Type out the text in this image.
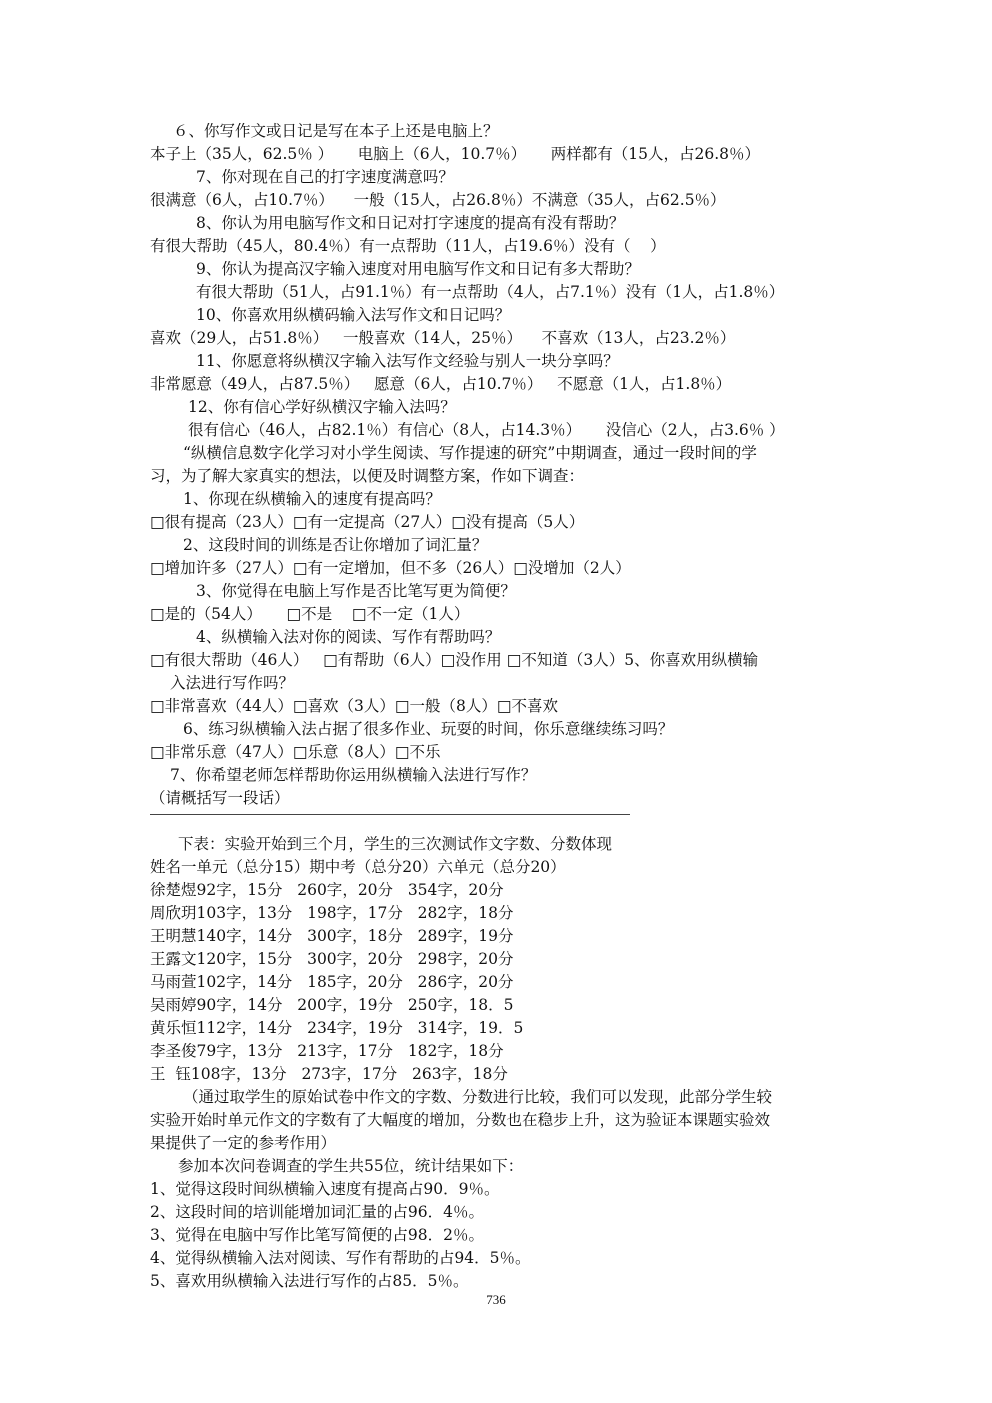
６、你写作文或日记是写在本子上还是电脑上？
本子上（35人，62.5％ ）     电脑上（6人，10.7％）     两样都有（15人，占26.8％）
7、你对现在自己的打字速度满意吗？
很满意（6人，占10.7％）    一般（15人，占26.8％）不满意（35人，占62.5％）
8、你认为用电脑写作文和日记对打字速度的提高有没有帮助？
有很大帮助（45人，80.4％）有一点帮助（11人，占19.6％）没有（    ）
9、你认为提高汉字输入速度对用电脑写作文和日记有多大帮助？
有很大帮助（51人，占91.1％）有一点帮助（4人，占7.1％）没有（1人，占1.8％）
10、你喜欢用纵横码输入法写作文和日记吗？
喜欢（29人，占51.8％）   一般喜欢（14人，25％）    不喜欢（13人，占23.2％）
11、你愿意将纵横汉字输入法写作文经验与别人一块分享吗？
非常愿意（49人，占87.5％）   愿意（6人，占10.7％）   不愿意（1人，占1.8％）
12、你有信心学好纵横汉字输入法吗？
很有信心（46人，占82.1％）有信心（8人，占14.3％）     没信心（2人，占3.6％ ）
“纵横信息数字化学习对小学生阅读、写作提速的研究”中期调查，通过一段时间的学
习，为了解大家真实的想法，以便及时调整方案，作如下调查：
1、你现在纵横输入的速度有提高吗？
□很有提高（23人）□有一定提高（27人）□没有提高（5人）
2、这段时间的训练是否让你增加了词汇量？
□增加许多（27人）□有一定增加，但不多（26人）□没增加（2人）
3、你觉得在电脑上写作是否比笔写更为简便？
□是的（54人）     □不是    □不一定（1人）
4、纵横输入法对你的阅读、写作有帮助吗？
□有很大帮助（46人）   □有帮助（6人）□没作用 □不知道（3人）5、你喜欢用纵横输
入法进行写作吗？
□非常喜欢（44人）□喜欢（3人）□一般（8人）□不喜欢
6、练习纵横输入法占据了很多作业、玩耍的时间，你乐意继续练习吗？
□非常乐意（47人）□乐意（8人）□不乐
7、你希望老师怎样帮助你运用纵横输入法进行写作？
（请概括写一段话）
下表：实验开始到三个月，学生的三次测试作文字数、分数体现
姓名一单元（总分15）期中考（总分20）六单元（总分20）
徐楚煜92字，15分   260字，20分   354字，20分
周欣玥103字，13分   198字，17分   282字，18分
王明慧140字，14分   300字，18分   289字，19分
王露文120字，15分   300字，20分   298字，20分
马雨萱102字，14分   185字，20分   286字，20分
吴雨婷90字，14分   200字，19分   250字，18．5
黄乐恒112字，14分   234字，19分   314字，19．5
李圣俊79字，13分   213字，17分   182字，18分
王  钰108字，13分   273字，17分   263字，18分
（通过取学生的原始试卷中作文的字数、分数进行比较，我们可以发现，此部分学生较
实验开始时单元作文的字数有了大幅度的增加，分数也在稳步上升，这为验证本课题实验效
果提供了一定的参考作用）
参加本次问卷调查的学生共55位，统计结果如下：
1、觉得这段时间纵横输入速度有提高占90．9％。
2、这段时间的培训能增加词汇量的占96．4％。
3、觉得在电脑中写作比笔写简便的占98．2％。
4、觉得纵横输入法对阅读、写作有帮助的占94．5％。
5、喜欢用纵横输入法进行写作的占85．5％。
736
